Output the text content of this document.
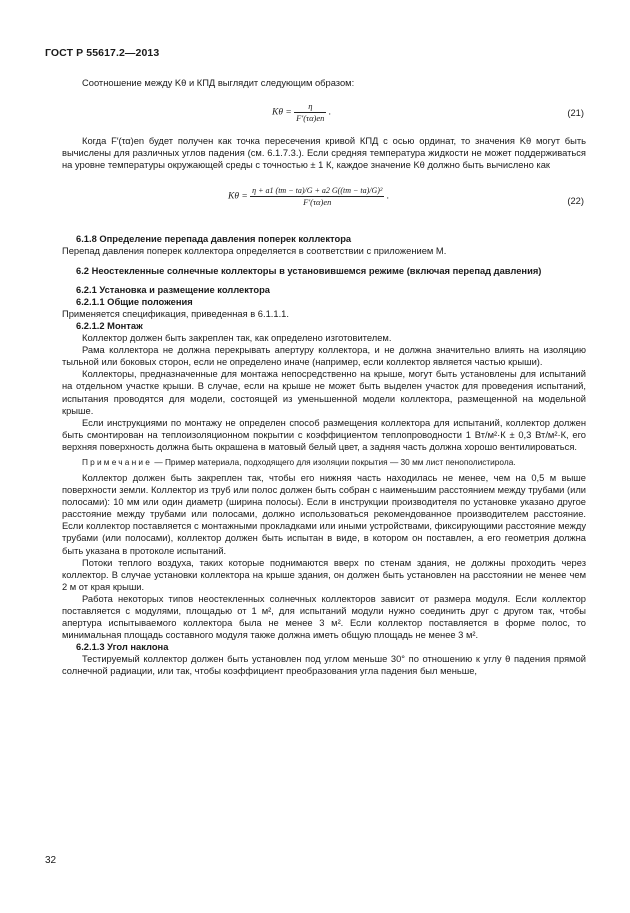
ГОСТ Р 55617.2—2013

Соотношение между Kθ и КПД выглядит следующим образом:

$K\theta = \frac{\eta}{F'(\tau\alpha)en}$ .	(21)

Когда F′(τα)en будет получен как точка пересечения кривой КПД с осью ординат, то значения Kθ могут быть вычислены для различных углов падения (см. 6.1.7.3.). Если средняя температура жидкости не может поддерживаться на уровне температуры окружающей среды с точностью ± 1 К, каждое значение Kθ должно быть вычислено как

$K\theta = \frac{\text{η + a1 (tm − ta)/G + a2 G((tm − ta)/G)²}}{F'(\tau\alpha)en}$ .	(22)

6.1.8 Определение перепада давления поперек коллектора

Перепад давления поперек коллектора определяется в соответствии с приложением М.

6.2 Неостекленные солнечные коллекторы в установившемся режиме (включая перепад давления)

6.2.1 Установка и размещение коллектора

6.2.1.1 Общие положения

Применяется спецификация, приведенная в 6.1.1.1.

6.2.1.2 Монтаж

Коллектор должен быть закреплен так, как определено изготовителем.

Рама коллектора не должна перекрывать апертуру коллектора, и не должна значительно влиять на изоляцию тыльной или боковых сторон, если не определено иначе (например, если коллектор является частью крыши).

Коллекторы, предназначенные для монтажа непосредственно на крыше, могут быть установлены для испытаний на отдельном участке крыши. В случае, если на крыше не может быть выделен участок для проведения испытаний, испытания проводятся для модели, состоящей из уменьшенной модели коллектора, размещенной на модельной крыше.

Если инструкциями по монтажу не определен способ размещения коллектора для испытаний, коллектор должен быть смонтирован на теплоизоляционном покрытии с коэффициентом теплопроводности 1 Вт/м²·К ± 0,3 Вт/м²·К, его верхняя поверхность должна быть окрашена в матовый белый цвет, а задняя часть должна хорошо вентилироваться.

Примечание — Пример материала, подходящего для изоляции покрытия — 30 мм лист пенополистирола.

Коллектор должен быть закреплен так, чтобы его нижняя часть находилась не менее, чем на 0,5 м выше поверхности земли. Коллектор из труб или полос должен быть собран с наименьшим расстоянием между трубами (или полосами): 10 мм или один диаметр (ширина полосы). Если в инструкции производителя по установке указано другое расстояние между трубами или полосами, должно использоваться рекомендованное производителем расстояние. Если коллектор поставляется с монтажными прокладками или иными устройствами, фиксирующими расстояние между трубами (или полосами), коллектор должен быть испытан в виде, в котором он поставлен, а его геометрия должна быть указана в протоколе испытаний.

Потоки теплого воздуха, таких которые поднимаются вверх по стенам здания, не должны проходить через коллектор. В случае установки коллектора на крыше здания, он должен быть установлен на расстоянии не менее чем 2 м от края крыши.

Работа некоторых типов неостекленных солнечных коллекторов зависит от размера модуля. Если коллектор поставляется с модулями, площадью от 1 м², для испытаний модули нужно соединить друг с другом так, чтобы апертура испытываемого коллектора была не менее 3 м². Если коллектор поставляется в форме полос, то минимальная площадь составного модуля также должна иметь общую площадь не менее 3 м².

6.2.1.3 Угол наклона

Тестируемый коллектор должен быть установлен под углом меньше 30° по отношению к углу θ падения прямой солнечной радиации, или так, чтобы коэффициент преобразования угла падения был меньше,

32
